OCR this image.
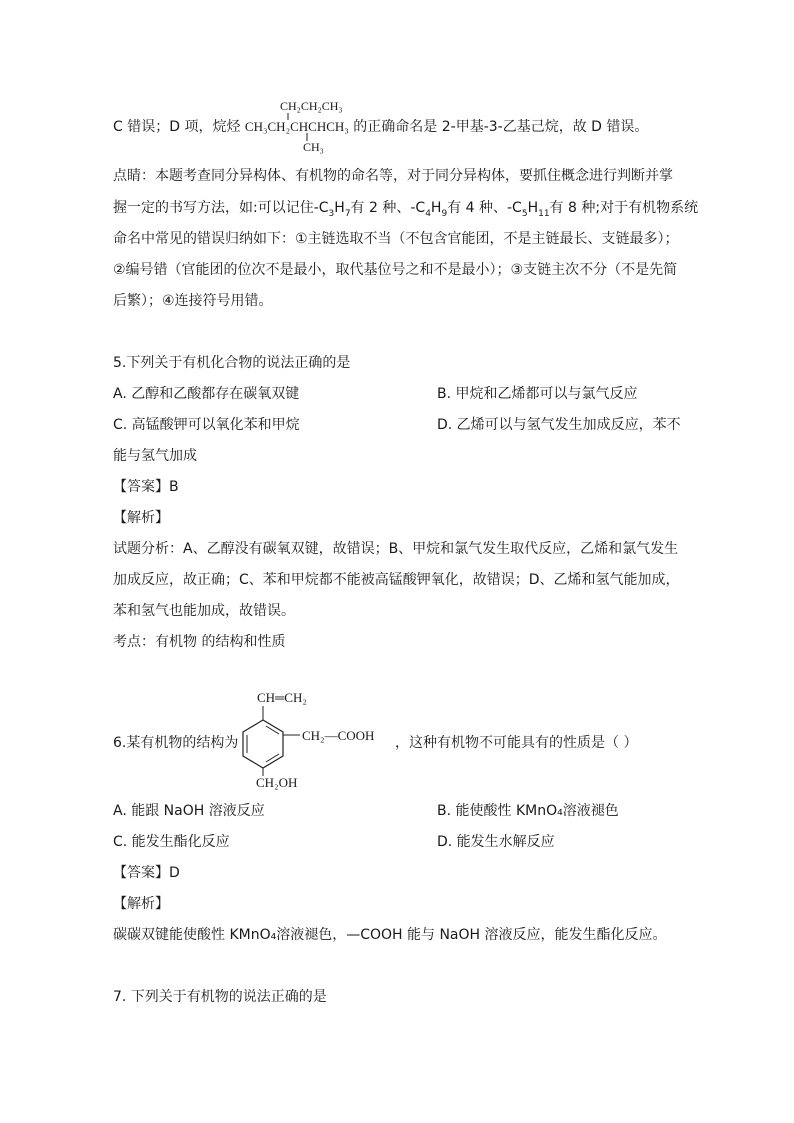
CH₂CH₂CH₃
C 错误；D 项，烷烃 CH₃CH₂CHCHCH₃ 的正确命名是 2-甲基-3-乙基己烷，故 D 错误。
CH₃
点睛：本题考查同分异构体、有机物的命名等，对于同分异构体，要抓住概念进行判断并掌
握一定的书写方法，如:可以记住$-C_3H_7$有 2 种、$-C_4H_9$有 4 种、$-C_5H_{11}$有 8 种;对于有机物系统
命名中常见的错误归纳如下：①主链选取不当（不包含官能团，不是主链最长、支链最多）；
②编号错（官能团的位次不是最小，取代基位号之和不是最小）；③支链主次不分（不是先简
后繁）；④连接符号用错。
5.下列关于有机化合物的说法正确的是
A. 乙醇和乙酸都存在碳氧双键	B. 甲烷和乙烯都可以与氯气反应
C. 高锰酸钾可以氧化苯和甲烷	D. 乙烯可以与氢气发生加成反应，苯不
能与氢气加成
【答案】B
【解析】
试题分析：A、乙醇没有碳氧双键，故错误；B、甲烷和氯气发生取代反应，乙烯和氯气发生
加成反应，故正确；C、苯和甲烷都不能被高锰酸钾氧化，故错误；D、乙烯和氢气能加成，
苯和氢气也能加成，故错误。
考点：有机物 的结构和性质
CH═CH₂
CH₂—COOH
CH₂OH
6.某有机物的结构为	，这种有机物不可能具有的性质是（ ）
A. 能跟 NaOH 溶液反应	B. 能使酸性 KMnO₄溶液褪色
C. 能发生酯化反应	D. 能发生水解反应
【答案】D
【解析】
碳碳双键能使酸性 KMnO₄溶液褪色，—COOH 能与 NaOH 溶液反应，能发生酯化反应。
7. 下列关于有机物的说法正确的是
